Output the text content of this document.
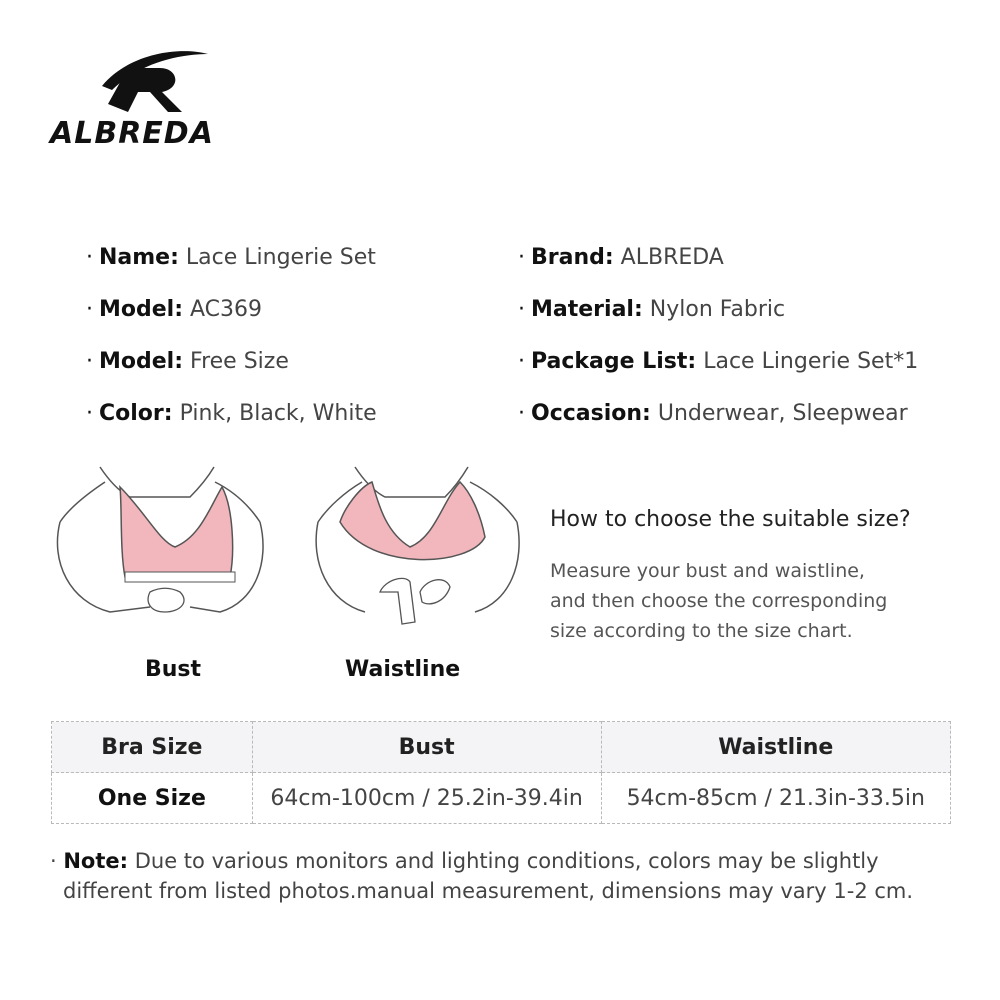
ALBREDA
· Name: Lace Lingerie Set
· Model: AC369
· Model: Free Size
· Color: Pink, Black, White
· Brand: ALBREDA
· Material: Nylon Fabric
· Package List: Lace Lingerie Set*1
· Occasion: Underwear, Sleepwear
Bust	Waistline
How to choose the suitable size?
Measure your bust and waistline,
and then choose the corresponding
size according to the size chart.
Bra Size	Bust	Waistline
One Size	64cm-100cm / 25.2in-39.4in	54cm-85cm / 21.3in-33.5in
· Note: Due to various monitors and lighting conditions, colors may be slightly
different from listed photos.manual measurement, dimensions may vary 1-2 cm.
